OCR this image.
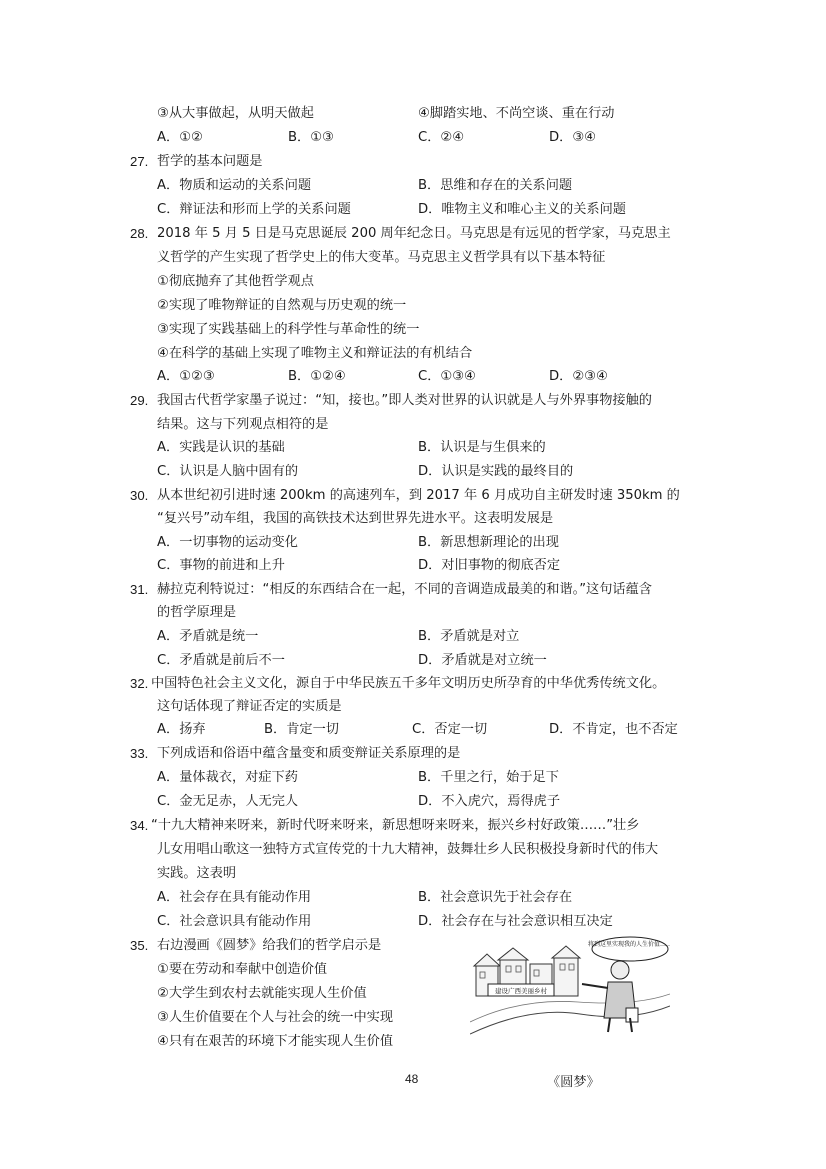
③从大事做起，从明天做起	④脚踏实地、不尚空谈、重在行动
A．①②	B．①③	C．②④	D．③④
27. 哲学的基本问题是
A．物质和运动的关系问题	B．思维和存在的关系问题
C．辩证法和形而上学的关系问题	D．唯物主义和唯心主义的关系问题
28. 2018 年 5 月 5 日是马克思诞辰 200 周年纪念日。马克思是有远见的哲学家，马克思主
义哲学的产生实现了哲学史上的伟大变革。马克思主义哲学具有以下基本特征
①彻底抛弃了其他哲学观点
②实现了唯物辩证的自然观与历史观的统一
③实现了实践基础上的科学性与革命性的统一
④在科学的基础上实现了唯物主义和辩证法的有机结合
A．①②③	B．①②④	C．①③④	D．②③④
29. 我国古代哲学家墨子说过：“知，接也。”即人类对世界的认识就是人与外界事物接触的
结果。这与下列观点相符的是
A．实践是认识的基础	B．认识是与生俱来的
C．认识是人脑中固有的	D．认识是实践的最终目的
30. 从本世纪初引进时速 200km 的高速列车，到 2017 年 6 月成功自主研发时速 350km 的
“复兴号”动车组，我国的高铁技术达到世界先进水平。这表明发展是
A．一切事物的运动变化	B．新思想新理论的出现
C．事物的前进和上升	D．对旧事物的彻底否定
31. 赫拉克利特说过：“相反的东西结合在一起，不同的音调造成最美的和谐。”这句话蕴含
的哲学原理是
A．矛盾就是统一	B．矛盾就是对立
C．矛盾就是前后不一	D．矛盾就是对立统一
32. 中国特色社会主义文化，源自于中华民族五千多年文明历史所孕育的中华优秀传统文化。
这句话体现了辩证否定的实质是
A．扬弃	B．肯定一切	C．否定一切	D．不肯定，也不否定
33. 下列成语和俗语中蕴含量变和质变辩证关系原理的是
A．量体裁衣，对症下药	B．千里之行，始于足下
C．金无足赤，人无完人	D．不入虎穴，焉得虎子
34. “十九大精神来呀来，新时代呀来呀来，新思想呀来呀来，振兴乡村好政策……”壮乡
儿女用唱山歌这一独特方式宣传党的十九大精神，鼓舞壮乡人民积极投身新时代的伟大
实践。这表明
A．社会存在具有能动作用	B．社会意识先于社会存在
C．社会意识具有能动作用	D．社会存在与社会意识相互决定
35. 右边漫画《圆梦》给我们的哲学启示是
①要在劳动和奉献中创造价值
②大学生到农村去就能实现人生价值
③人生价值要在个人与社会的统一中实现
④只有在艰苦的环境下才能实现人生价值
建设广西美丽乡村
将到这里实现我的人生价值……
48	《圆梦》
